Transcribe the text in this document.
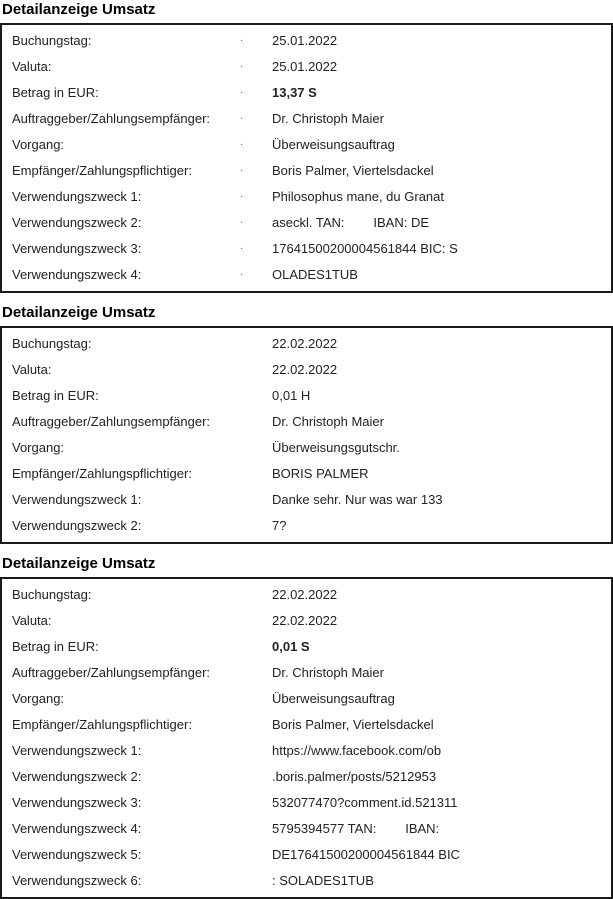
Detailanzeige Umsatz
Buchungstag:	·	25.01.2022
Valuta:	·	25.01.2022
Betrag in EUR:	·	13,37 S
Auftraggeber/Zahlungsempfänger:	·	Dr. Christoph Maier
Vorgang:	·	Überweisungsauftrag
Empfänger/Zahlungspflichtiger:	·	Boris Palmer, Viertelsdackel
Verwendungszweck 1:	·	Philosophus mane, du Granat
Verwendungszweck 2:	·	aseckl. TAN:        IBAN: DE
Verwendungszweck 3:	·	17641500200004561844 BIC: S
Verwendungszweck 4:	·	OLADES1TUB
Detailanzeige Umsatz
Buchungstag:	22.02.2022
Valuta:	22.02.2022
Betrag in EUR:	0,01 H
Auftraggeber/Zahlungsempfänger:	Dr. Christoph Maier
Vorgang:	Überweisungsgutschr.
Empfänger/Zahlungspflichtiger:	BORIS PALMER
Verwendungszweck 1:	Danke sehr. Nur was war 133
Verwendungszweck 2:	7?
Detailanzeige Umsatz
Buchungstag:	22.02.2022
Valuta:	22.02.2022
Betrag in EUR:	0,01 S
Auftraggeber/Zahlungsempfänger:	Dr. Christoph Maier
Vorgang:	Überweisungsauftrag
Empfänger/Zahlungspflichtiger:	Boris Palmer, Viertelsdackel
Verwendungszweck 1:	https://www.facebook.com/ob
Verwendungszweck 2:	.boris.palmer/posts/5212953
Verwendungszweck 3:	532077470?comment.id.521311
Verwendungszweck 4:	5795394577 TAN:        IBAN:
Verwendungszweck 5:	DE17641500200004561844 BIC
Verwendungszweck 6:	: SOLADES1TUB
